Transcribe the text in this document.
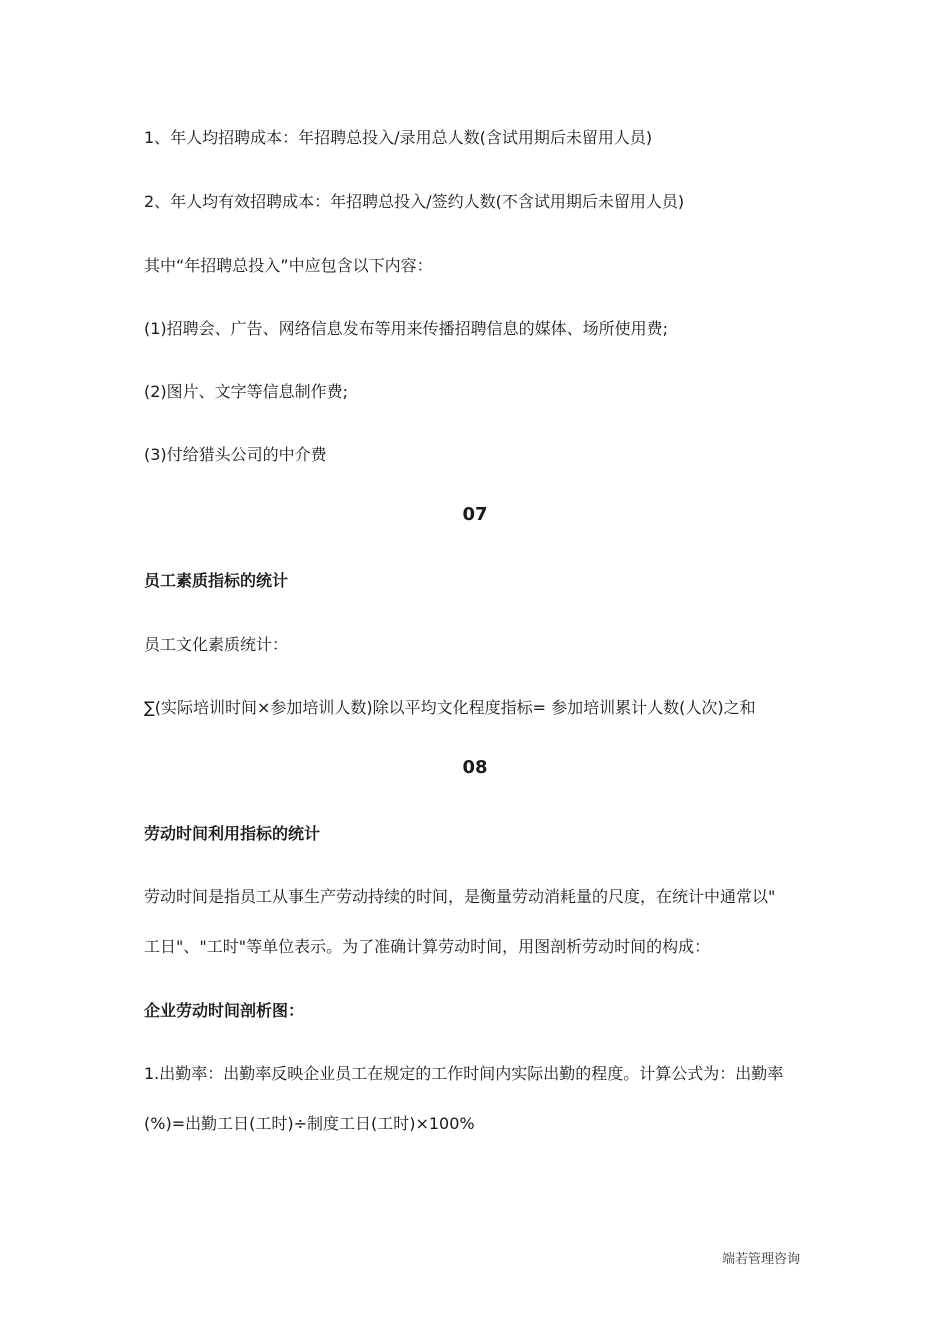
1、年人均招聘成本：年招聘总投入/录用总人数(含试用期后未留用人员)
2、年人均有效招聘成本：年招聘总投入/签约人数(不含试用期后未留用人员)
其中“年招聘总投入”中应包含以下内容：
(1)招聘会、广告、网络信息发布等用来传播招聘信息的媒体、场所使用费;
(2)图片、文字等信息制作费;
(3)付给猎头公司的中介费
07
员工素质指标的统计
员工文化素质统计：
∑(实际培训时间×参加培训人数)除以平均文化程度指标= 参加培训累计人数(人次)之和
08
劳动时间利用指标的统计
劳动时间是指员工从事生产劳动持续的时间，是衡量劳动消耗量的尺度，在统计中通常以"
工日"、"工时"等单位表示。为了准确计算劳动时间，用图剖析劳动时间的构成：
企业劳动时间剖析图：
1.出勤率：出勤率反映企业员工在规定的工作时间内实际出勤的程度。计算公式为：出勤率
(%)=出勤工日(工时)÷制度工日(工时)×100%
端若管理咨询
